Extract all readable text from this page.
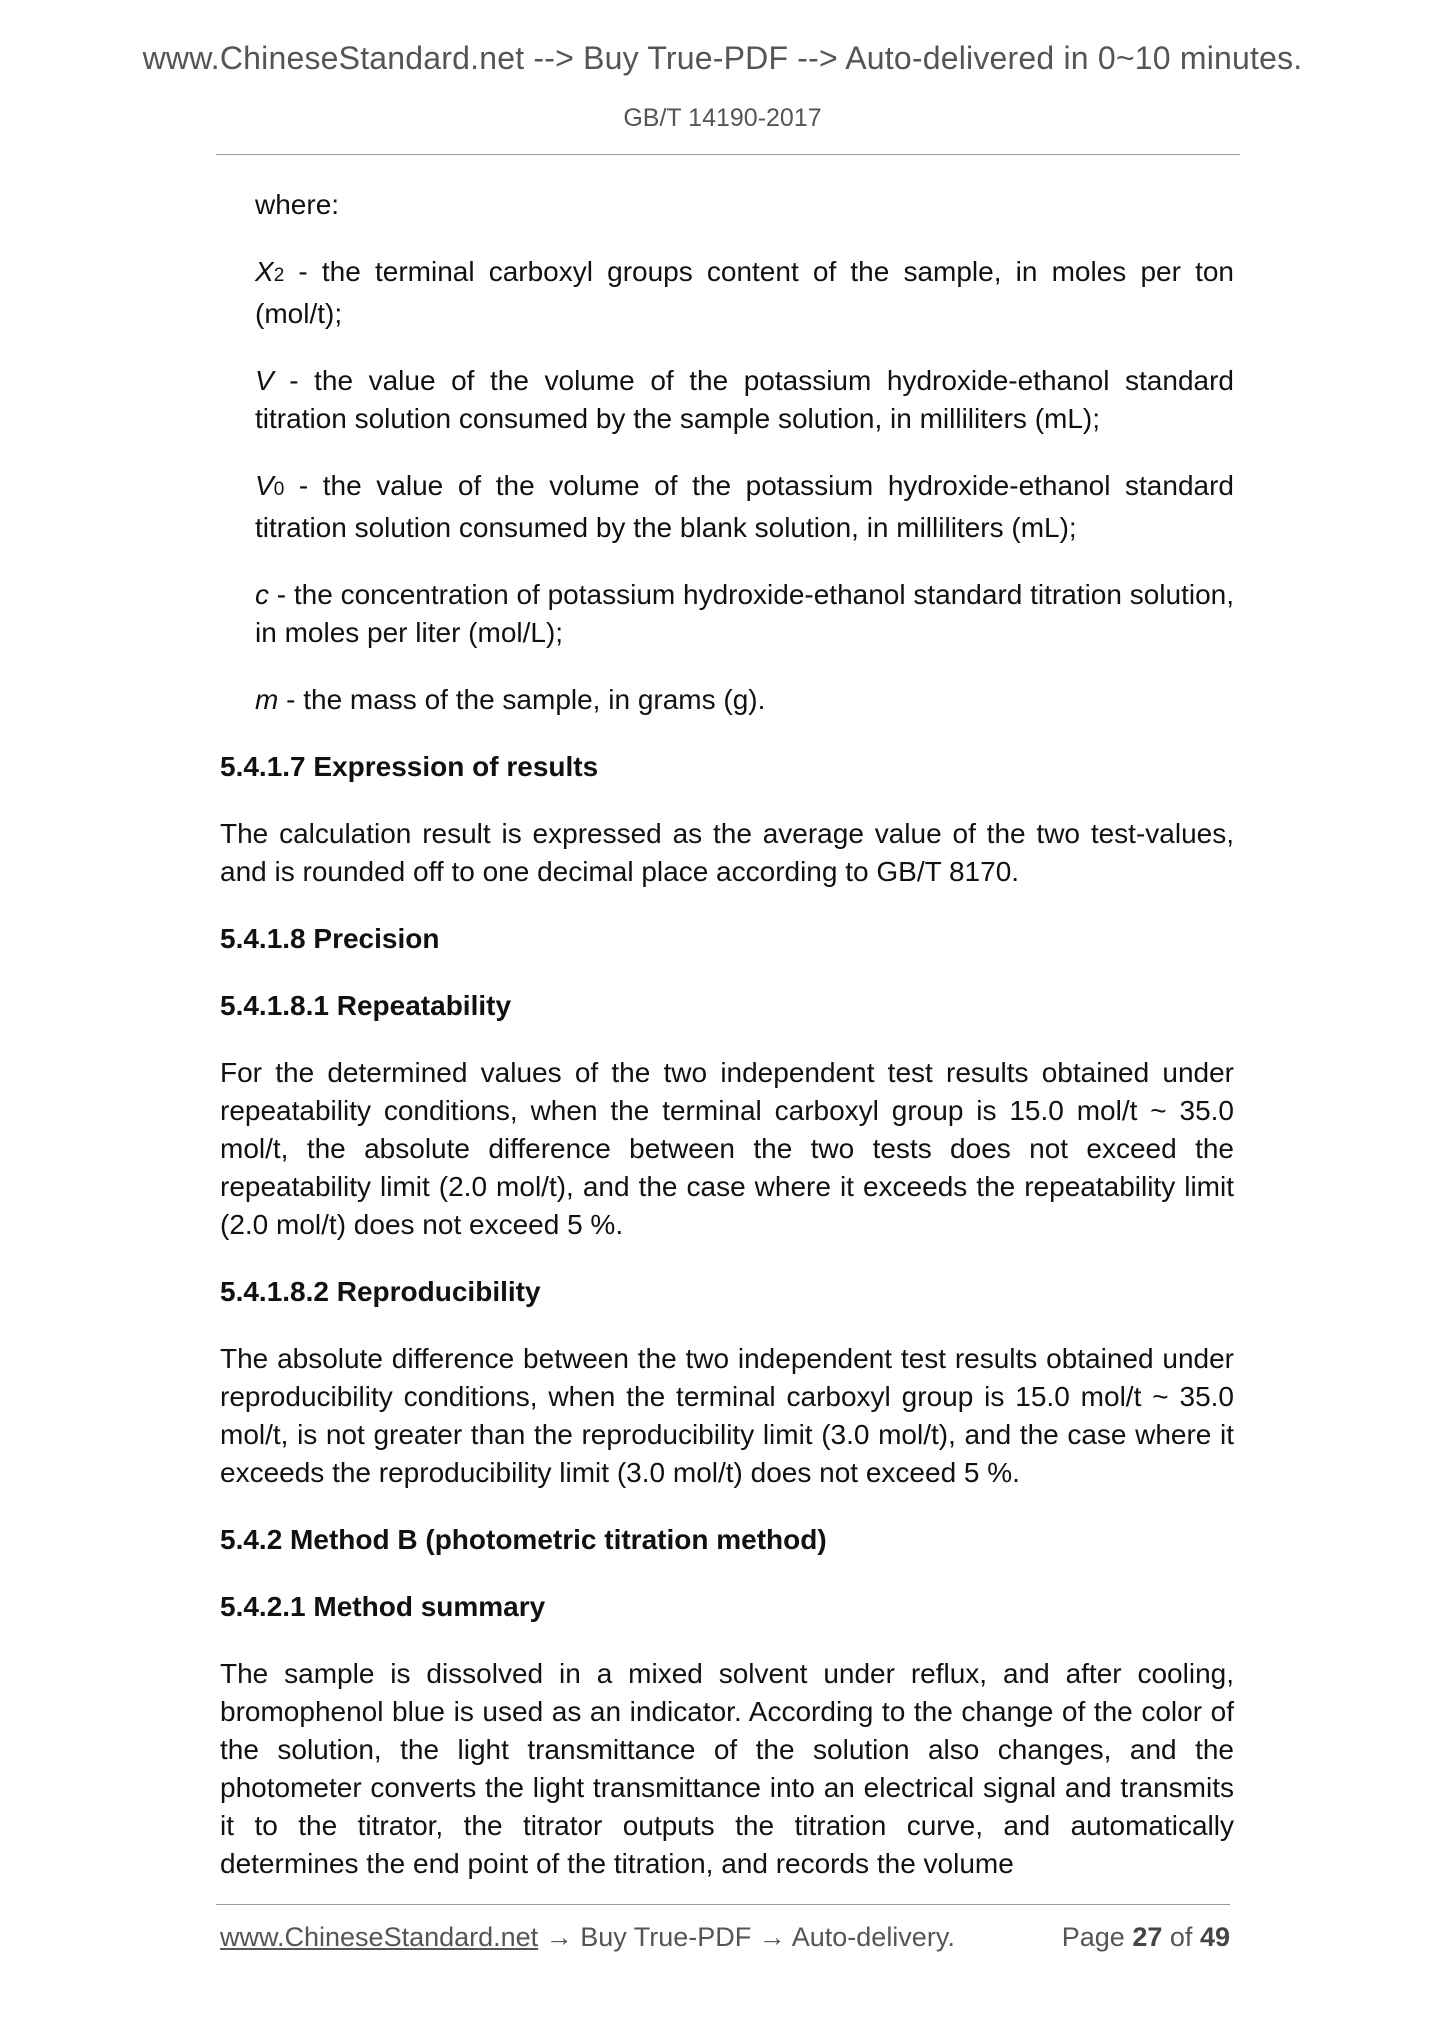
www.ChineseStandard.net --> Buy True-PDF --> Auto-delivered in 0~10 minutes.
GB/T 14190-2017

where:

X2 - the terminal carboxyl groups content of the sample, in moles per ton (mol/t);

V - the value of the volume of the potassium hydroxide-ethanol standard titration solution consumed by the sample solution, in milliliters (mL);

V0 - the value of the volume of the potassium hydroxide-ethanol standard titration solution consumed by the blank solution, in milliliters (mL);

c - the concentration of potassium hydroxide-ethanol standard titration solution, in moles per liter (mol/L);

m - the mass of the sample, in grams (g).

5.4.1.7 Expression of results

The calculation result is expressed as the average value of the two test-values, and is rounded off to one decimal place according to GB/T 8170.

5.4.1.8 Precision

5.4.1.8.1 Repeatability

For the determined values of the two independent test results obtained under repeatability conditions, when the terminal carboxyl group is 15.0 mol/t ~ 35.0 mol/t, the absolute difference between the two tests does not exceed the repeatability limit (2.0 mol/t), and the case where it exceeds the repeatability limit (2.0 mol/t) does not exceed 5 %.

5.4.1.8.2 Reproducibility

The absolute difference between the two independent test results obtained under reproducibility conditions, when the terminal carboxyl group is 15.0 mol/t ~ 35.0 mol/t, is not greater than the reproducibility limit (3.0 mol/t), and the case where it exceeds the reproducibility limit (3.0 mol/t) does not exceed 5 %.

5.4.2 Method B (photometric titration method)

5.4.2.1 Method summary

The sample is dissolved in a mixed solvent under reflux, and after cooling, bromophenol blue is used as an indicator. According to the change of the color of the solution, the light transmittance of the solution also changes, and the photometer converts the light transmittance into an electrical signal and transmits it to the titrator, the titrator outputs the titration curve, and automatically determines the end point of the titration, and records the volume

www.ChineseStandard.net → Buy True-PDF → Auto-delivery.	Page 27 of 49
